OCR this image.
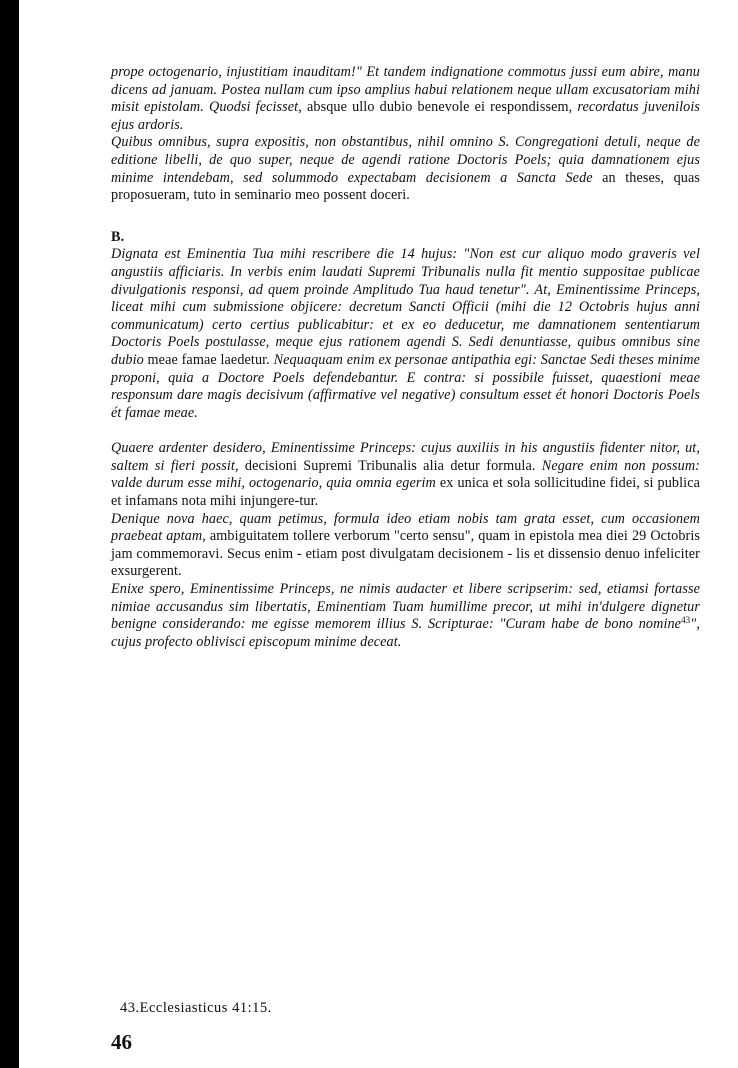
prope octogenario, injustitiam inauditam!" Et tandem indignatione commotus jussi eum abire, manu dicens ad januam. Postea nullam cum ipso amplius habui relationem neque ullam excusatoriam mihi misit epistolam. Quodsi fecisset, absque ullo dubio benevole ei respondissem, recordatus juvenilois ejus ardoris.

Quibus omnibus, supra expositis, non obstantibus, nihil omnino S. Congregationi detuli, neque de editione libelli, de quo super, neque de agendi ratione Doctoris Poels; quia damnationem ejus minime intendebam, sed solummodo expectabam decisionem a Sancta Sede an theses, quas proposueram, tuto in seminario meo possent doceri.

B.

Dignata est Eminentia Tua mihi rescribere die 14 hujus: "Non est cur aliquo modo graveris vel angustiis afficiaris. In verbis enim laudati Supremi Tribunalis nulla fit mentio suppositae publicae divulgationis responsi, ad quem proinde Amplitudo Tua haud tenetur". At, Eminentissime Princeps, liceat mihi cum submissione objicere: decretum Sancti Officii (mihi die 12 Octobris hujus anni communicatum) certo certius publicabitur: et ex eo deducetur, me damnationem sententiarum Doctoris Poels postulasse, meque ejus rationem agendi S. Sedi denuntiasse, quibus omnibus sine dubio meae famae laedetur. Nequaquam enim ex personae antipathia egi: Sanctae Sedi theses minime proponi, quia a Doctore Poels defendebantur. E contra: si possibile fuisset, quaestioni meae responsum dare magis decisivum (affirmative vel negative) consultum esset ét honori Doctoris Poels ét famae meae.

Quaere ardenter desidero, Eminentissime Princeps: cujus auxiliis in his angustiis fidenter nitor, ut, saltem si fieri possit, decisioni Supremi Tribunalis alia detur formula. Negare enim non possum: valde durum esse mihi, octogenario, quia omnia egerim ex unica et sola sollicitudine fidei, si publica et infamans nota mihi injungere-tur.

Denique nova haec, quam petimus, formula ideo etiam nobis tam grata esset, cum occasionem praebeat aptam, ambiguitatem tollere verborum "certo sensu", quam in epistola mea diei 29 Octobris jam commemoravi. Secus enim - etiam post divulgatam decisionem - lis et dissensio denuo infeliciter exsurgerent.

Enixe spero, Eminentissime Princeps, ne nimis audacter et libere scripserim: sed, etiamsi fortasse nimiae accusandus sim libertatis, Eminentiam Tuam humillime precor, ut mihi in'dulgere dignetur benigne considerando: me egisse memorem illius S. Scripturae: "Curam habe de bono nomine$^{43}$", cujus profecto oblivisci episcopum minime deceat.

43.Ecclesiasticus 41:15.
46
